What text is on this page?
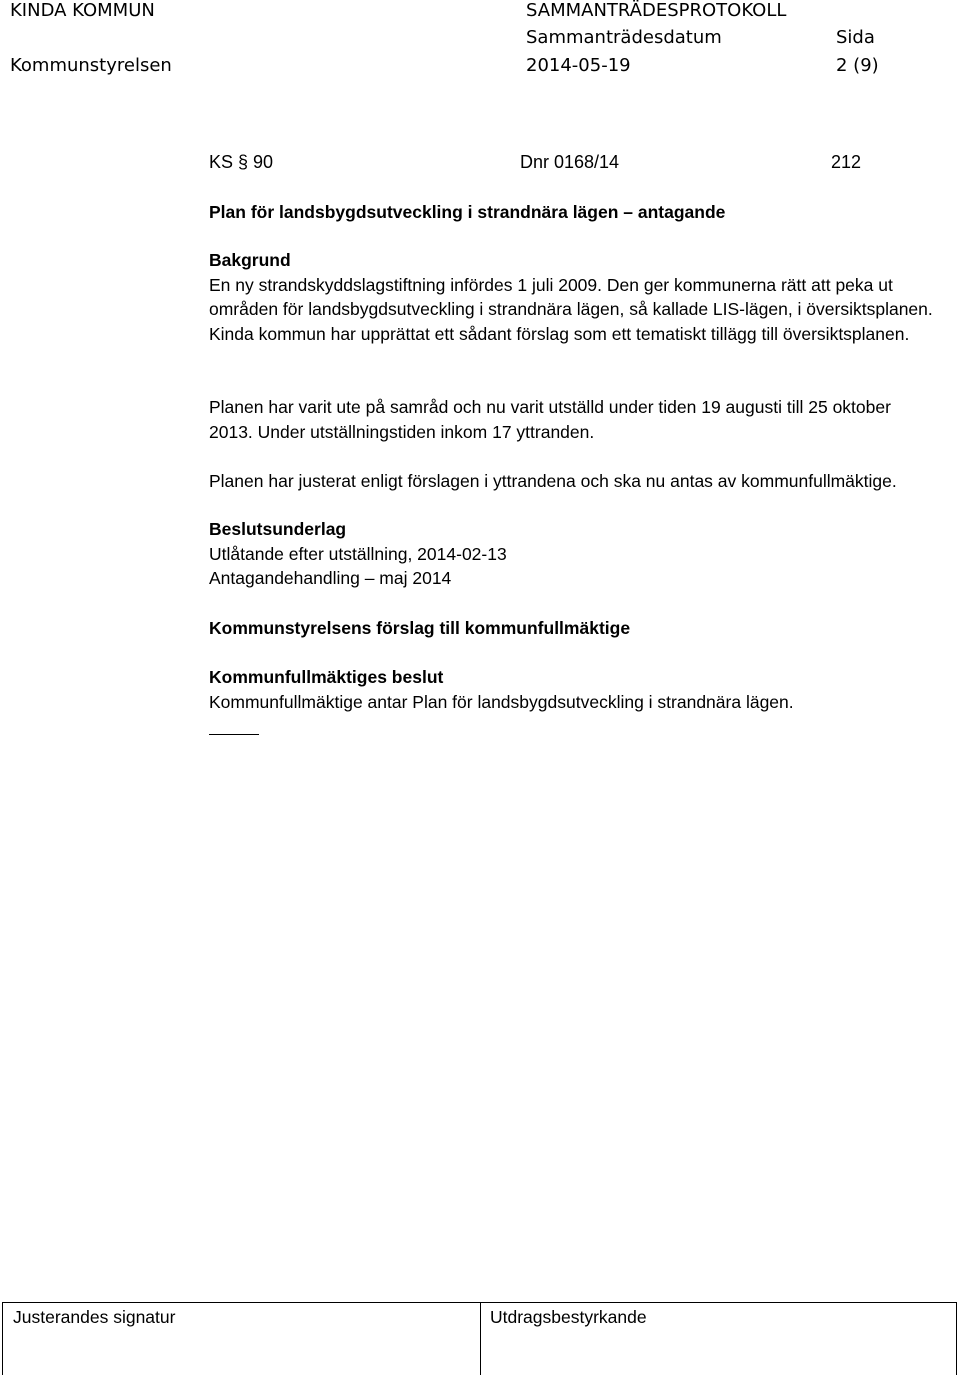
KINDA KOMMUN	SAMMANTRÄDESPROTOKOLL
Sammanträdesdatum	Sida
Kommunstyrelsen	2014-05-19	2 (9)
KS § 90	Dnr 0168/14	212
Plan för landsbygdsutveckling i strandnära lägen – antagande

Bakgrund

En ny strandskyddslagstiftning infördes 1 juli 2009. Den ger kommunerna rätt att peka ut områden för landsbygdsutveckling i strandnära lägen, så kallade LIS-lägen, i översiktsplanen. Kinda kommun har upprättat ett sådant förslag som ett tematiskt tillägg till översiktsplanen.

Planen har varit ute på samråd och nu varit utställd under tiden 19 augusti till 25 oktober 2013. Under utställningstiden inkom 17 yttranden.

Planen har justerat enligt förslagen i yttrandena och ska nu antas av kommunfullmäktige.

Beslutsunderlag

Utlåtande efter utställning, 2014-02-13

Antagandehandling – maj 2014

Kommunstyrelsens förslag till kommunfullmäktige

Kommunfullmäktiges beslut

Kommunfullmäktige antar Plan för landsbygdsutveckling i strandnära lägen.

Justerandes signatur	Utdragsbestyrkande
